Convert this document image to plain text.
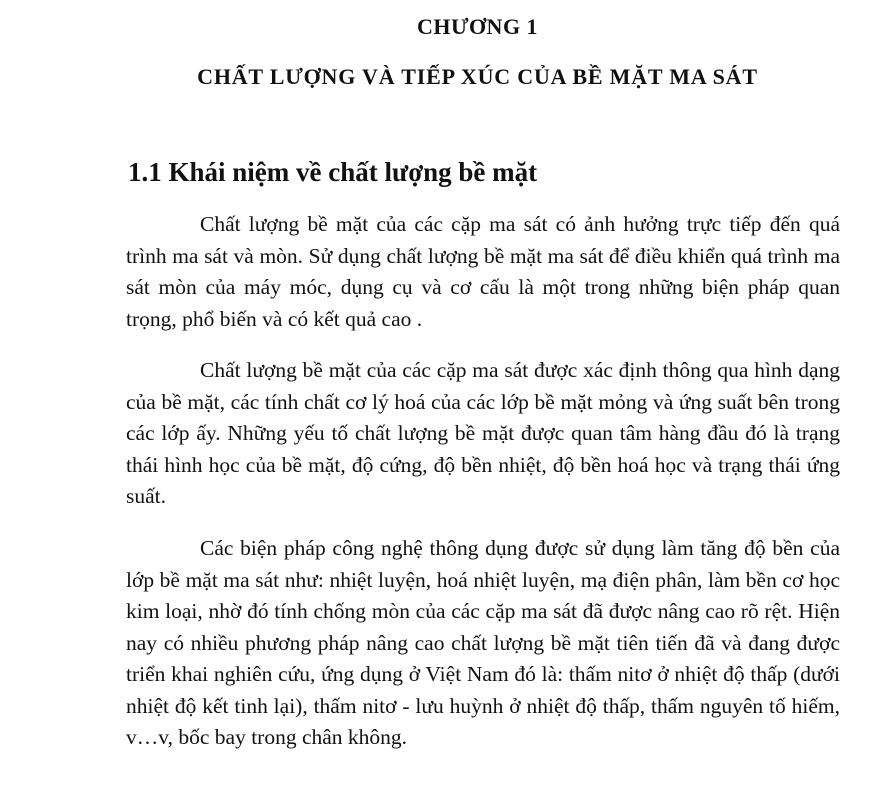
CHƯƠNG 1
CHẤT LƯỢNG VÀ TIẾP XÚC CỦA BỀ MẶT MA SÁT
1.1 Khái niệm về chất lượng bề mặt

Chất lượng bề mặt của các cặp ma sát có ảnh hưởng trực tiếp đến quá trình ma sát và mòn. Sử dụng chất lượng bề mặt ma sát để điều khiển quá trình ma sát mòn của máy móc, dụng cụ và cơ cấu là một trong những biện pháp quan trọng, phổ biến và có kết quả cao .

Chất lượng bề mặt của các cặp ma sát được xác định thông qua hình dạng của bề mặt, các tính chất cơ lý hoá của các lớp bề mặt mỏng và ứng suất bên trong các lớp ấy. Những yếu tố chất lượng bề mặt được quan tâm hàng đầu đó là trạng thái hình học của bề mặt, độ cứng, độ bền nhiệt, độ bền hoá học và trạng thái ứng suất.

Các biện pháp công nghệ thông dụng được sử dụng làm tăng độ bền của lớp bề mặt ma sát như: nhiệt luyện, hoá nhiệt luyện, mạ điện phân, làm bền cơ học kim loại, nhờ đó tính chống mòn của các cặp ma sát đã được nâng cao rõ rệt. Hiện nay có nhiều phương pháp nâng cao chất lượng bề mặt tiên tiến đã và đang được triển khai nghiên cứu, ứng dụng ở Việt Nam đó là: thấm nitơ ở nhiệt độ thấp (dưới nhiệt độ kết tinh lại), thấm nitơ - lưu huỳnh ở nhiệt độ thấp, thấm nguyên tố hiếm, v…v, bốc bay trong chân không.
